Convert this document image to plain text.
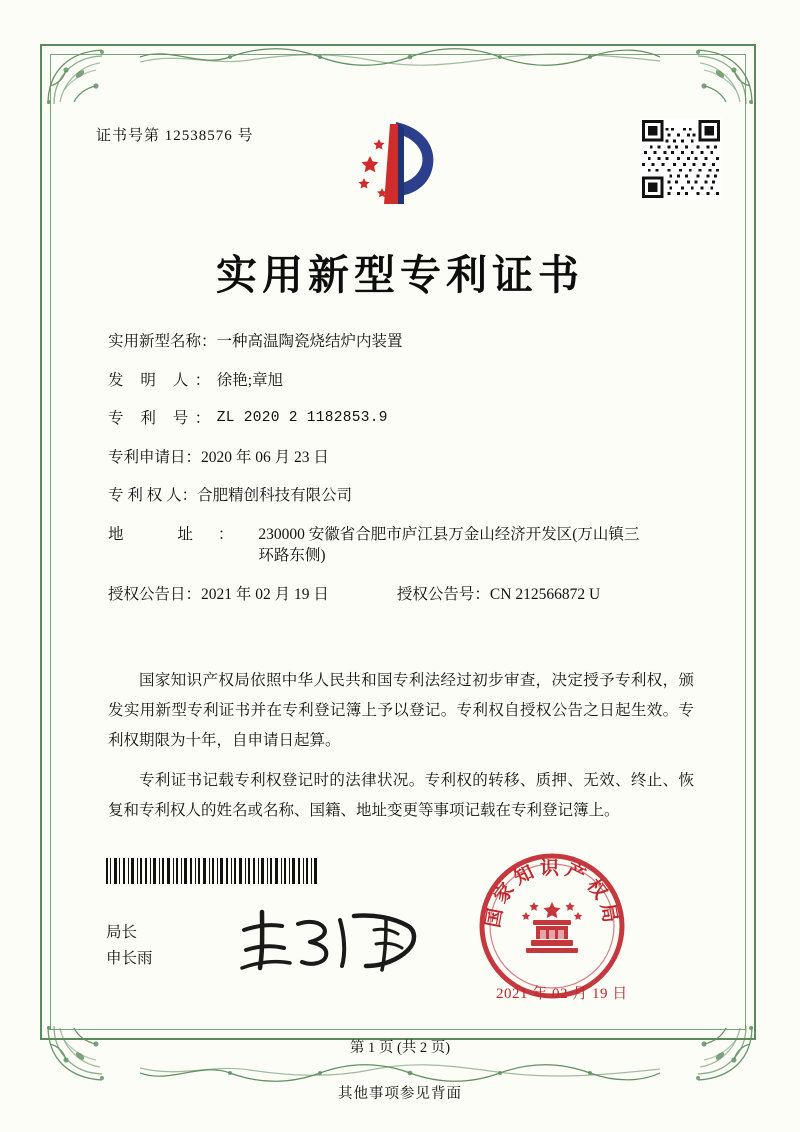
证书号第 12538576 号
实用新型专利证书
实用新型名称： 一种高温陶瓷烧结炉内装置
发 明 人： 徐艳;章旭
专 利 号： ZL 2020 2 1182853.9
专利申请日： 2020 年 06 月 23 日
专 利 权 人： 合肥精创科技有限公司
地 址： 230000 安徽省合肥市庐江县万金山经济开发区(万山镇三
环路东侧)
授权公告日： 2021 年 02 月 19 日	授权公告号： CN 212566872 U

国家知识产权局依照中华人民共和国专利法经过初步审查，决定授予专利权，颁发实用新型专利证书并在专利登记簿上予以登记。专利权自授权公告之日起生效。专利权期限为十年，自申请日起算。

专利证书记载专利权登记时的法律状况。专利权的转移、质押、无效、终止、恢复和专利权人的姓名或名称、国籍、地址变更等事项记载在专利登记簿上。

局长
申长雨
国家知识产权局
2021 年 02 月 19 日
第 1 页 (共 2 页)
其他事项参见背面
